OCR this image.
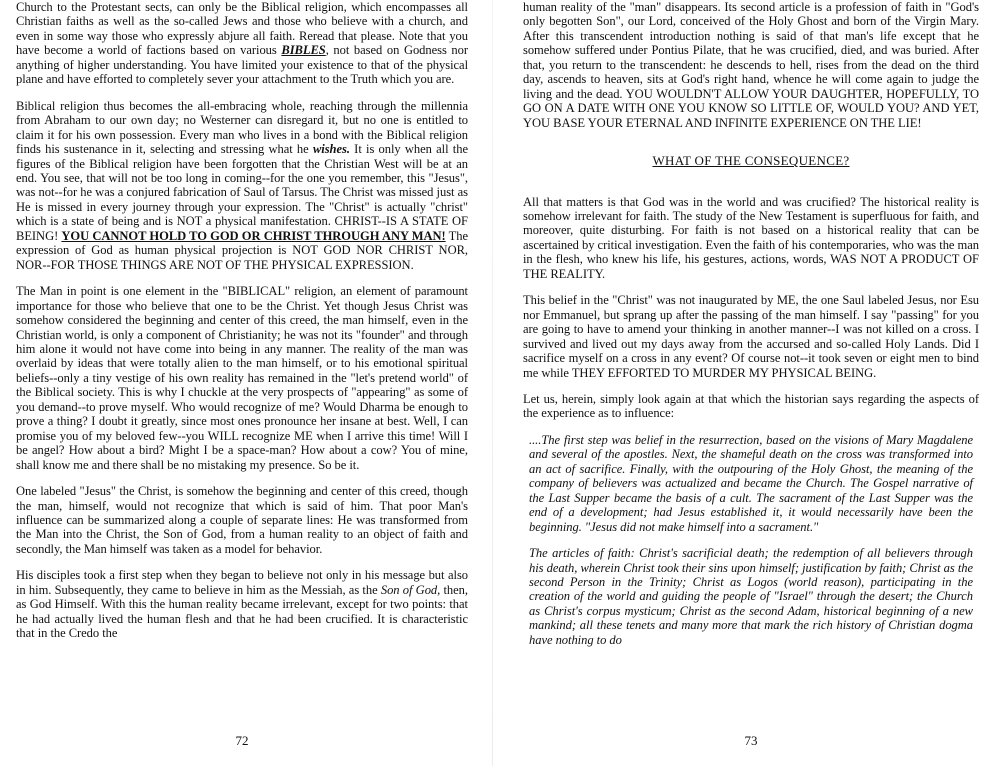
Church to the Protestant sects, can only be the Biblical religion, which encompasses all Christian faiths as well as the so-called Jews and those who believe with a church, and even in some way those who expressly abjure all faith. Reread that please. Note that you have become a world of factions based on various BIBLES, not based on Godness nor anything of higher understanding. You have limited your existence to that of the physical plane and have efforted to completely sever your attachment to the Truth which you are.

Biblical religion thus becomes the all-embracing whole, reaching through the millennia from Abraham to our own day; no Westerner can disregard it, but no one is entitled to claim it for his own possession. Every man who lives in a bond with the Biblical religion finds his sustenance in it, selecting and stressing what he wishes. It is only when all the figures of the Biblical religion have been forgotten that the Christian West will be at an end. You see, that will not be too long in coming--for the one you remember, this "Jesus", was not--for he was a conjured fabrication of Saul of Tarsus. The Christ was missed just as He is missed in every journey through your expression. The "Christ" is actually "christ" which is a state of being and is NOT a physical manifestation. CHRIST--IS A STATE OF BEING! YOU CANNOT HOLD TO GOD OR CHRIST THROUGH ANY MAN! The expression of God as human physical projection is NOT GOD NOR CHRIST NOR, NOR--FOR THOSE THINGS ARE NOT OF THE PHYSICAL EXPRESSION.

The Man in point is one element in the "BIBLICAL" religion, an element of paramount importance for those who believe that one to be the Christ. Yet though Jesus Christ was somehow considered the beginning and center of this creed, the man himself, even in the Christian world, is only a component of Christianity; he was not its "founder" and through him alone it would not have come into being in any manner. The reality of the man was overlaid by ideas that were totally alien to the man himself, or to his emotional spiritual beliefs--only a tiny vestige of his own reality has remained in the "let's pretend world" of the Biblical society. This is why I chuckle at the very prospects of "appearing" as some of you demand--to prove myself. Who would recognize of me? Would Dharma be enough to prove a thing? I doubt it greatly, since most ones pronounce her insane at best. Well, I can promise you of my beloved few--you WILL recognize ME when I arrive this time! Will I be angel? How about a bird? Might I be a space-man? How about a cow? You of mine, shall know me and there shall be no mistaking my presence. So be it.

One labeled "Jesus" the Christ, is somehow the beginning and center of this creed, though the man, himself, would not recognize that which is said of him. That poor Man's influence can be summarized along a couple of separate lines: He was transformed from the Man into the Christ, the Son of God, from a human reality to an object of faith and secondly, the Man himself was taken as a model for behavior.

His disciples took a first step when they began to believe not only in his message but also in him. Subsequently, they came to believe in him as the Messiah, as the Son of God, then, as God Himself. With this the human reality became irrelevant, except for two points: that he had actually lived the human flesh and that he had been crucified. It is characteristic that in the Credo the

human reality of the "man" disappears. Its second article is a profession of faith in "God's only begotten Son", our Lord, conceived of the Holy Ghost and born of the Virgin Mary. After this transcendent introduction nothing is said of that man's life except that he somehow suffered under Pontius Pilate, that he was crucified, died, and was buried. After that, you return to the transcendent: he descends to hell, rises from the dead on the third day, ascends to heaven, sits at God's right hand, whence he will come again to judge the living and the dead. YOU WOULDN'T ALLOW YOUR DAUGHTER, HOPEFULLY, TO GO ON A DATE WITH ONE YOU KNOW SO LITTLE OF, WOULD YOU? AND YET, YOU BASE YOUR ETERNAL AND INFINITE EXPERIENCE ON THE LIE!

WHAT OF THE CONSEQUENCE?

All that matters is that God was in the world and was crucified? The historical reality is somehow irrelevant for faith. The study of the New Testament is superfluous for faith, and moreover, quite disturbing. For faith is not based on a historical reality that can be ascertained by critical investigation. Even the faith of his contemporaries, who was the man in the flesh, who knew his life, his gestures, actions, words, WAS NOT A PRODUCT OF THE REALITY.

This belief in the "Christ" was not inaugurated by ME, the one Saul labeled Jesus, nor Esu nor Emmanuel, but sprang up after the passing of the man himself. I say "passing" for you are going to have to amend your thinking in another manner--I was not killed on a cross. I survived and lived out my days away from the accursed and so-called Holy Lands. Did I sacrifice myself on a cross in any event? Of course not--it took seven or eight men to bind me while THEY EFFORTED TO MURDER MY PHYSICAL BEING.

Let us, herein, simply look again at that which the historian says regarding the aspects of the experience as to influence:

....The first step was belief in the resurrection, based on the visions of Mary Magdalene and several of the apostles. Next, the shameful death on the cross was transformed into an act of sacrifice. Finally, with the outpouring of the Holy Ghost, the meaning of the company of believers was actualized and became the Church. The Gospel narrative of the Last Supper became the basis of a cult. The sacrament of the Last Supper was the end of a development; had Jesus established it, it would necessarily have been the beginning. "Jesus did not make himself into a sacrament."

The articles of faith: Christ's sacrificial death; the redemption of all believers through his death, wherein Christ took their sins upon himself; justification by faith; Christ as the second Person in the Trinity; Christ as Logos (world reason), participating in the creation of the world and guiding the people of "Israel" through the desert; the Church as Christ's corpus mysticum; Christ as the second Adam, historical beginning of a new mankind; all these tenets and many more that mark the rich history of Christian dogma have nothing to do

72	73
